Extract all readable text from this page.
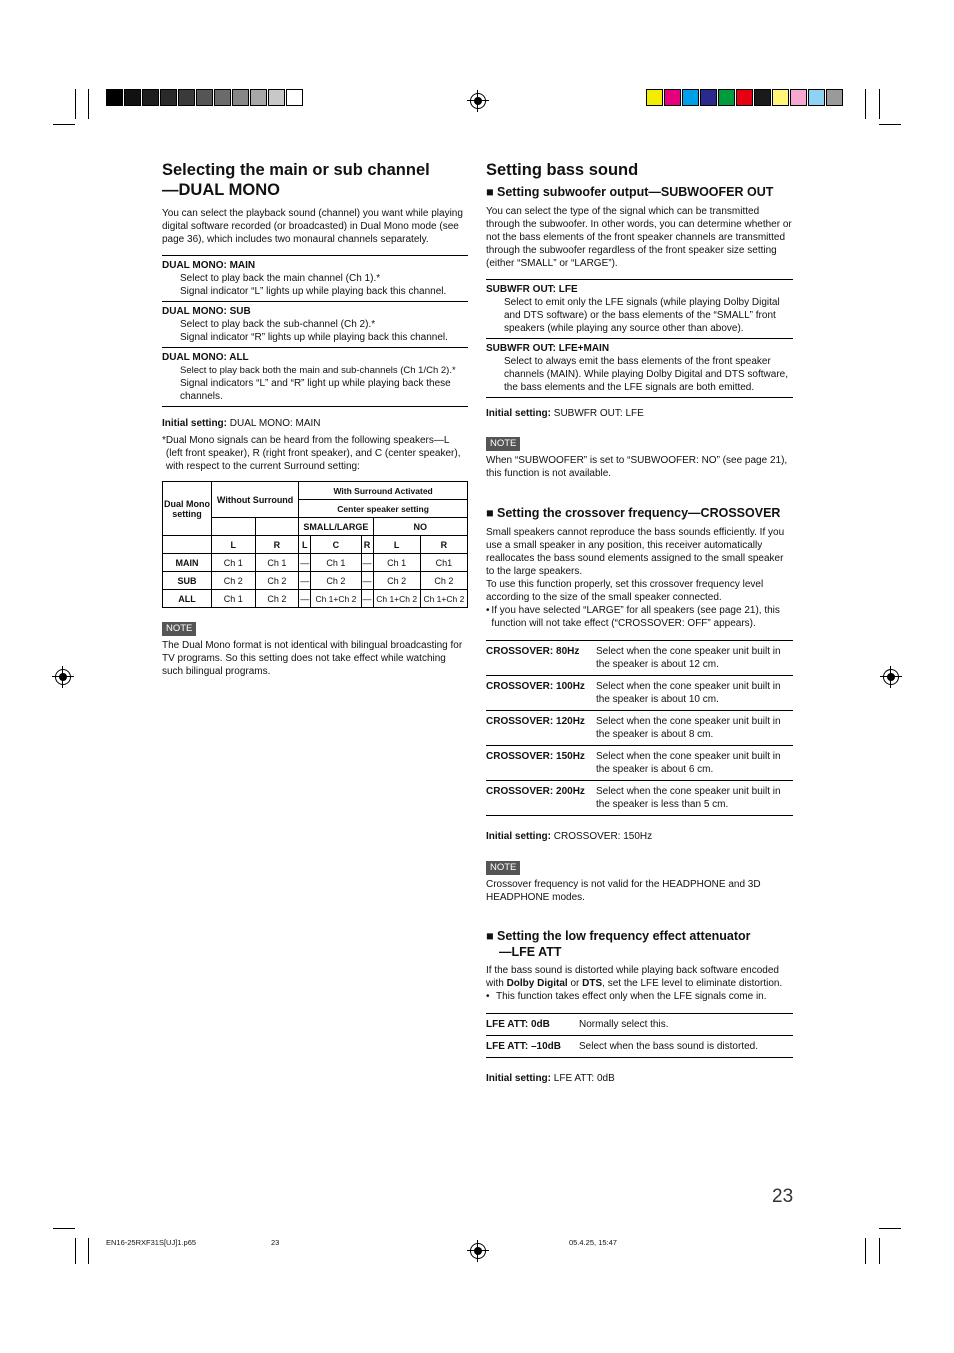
Selecting the main or sub channel
—DUAL MONO

You can select the playback sound (channel) you want while playing digital software recorded (or broadcasted) in Dual Mono mode (see page 36), which includes two monaural channels separately.

DUAL MONO: MAIN
Select to play back the main channel (Ch 1).*
Signal indicator “L” lights up while playing back this channel.
DUAL MONO: SUB
Select to play back the sub-channel (Ch 2).*
Signal indicator “R” lights up while playing back this channel.
DUAL MONO: ALL
Select to play back both the main and sub-channels (Ch 1/Ch 2).*
Signal indicators “L” and “R” light up while playing back these channels.

Initial setting: DUAL MONO: MAIN

* Dual Mono signals can be heard from the following speakers—L (left front speaker), R (right front speaker), and C (center speaker), with respect to the current Surround setting:

Dual Mono setting	Without Surround		With Surround Activated				
			Center speaker setting				
			SMALL/LARGE			NO	
	L	R	L	C	R	L	R
MAIN	Ch 1	Ch 1	—	Ch 1	—	Ch 1	Ch1
SUB	Ch 2	Ch 2	—	Ch 2	—	Ch 2	Ch 2
ALL	Ch 1	Ch 2	—	Ch 1+Ch 2	—	Ch 1+Ch 2	Ch 1+Ch 2
NOTE

The Dual Mono format is not identical with bilingual broadcasting for TV programs. So this setting does not take effect while watching such bilingual programs.

Setting bass sound
■ Setting subwoofer output—SUBWOOFER OUT

You can select the type of the signal which can be transmitted through the subwoofer. In other words, you can determine whether or not the bass elements of the front speaker channels are transmitted through the subwoofer regardless of the front speaker size setting (either “SMALL” or “LARGE”).

SUBWFR OUT: LFE
Select to emit only the LFE signals (while playing Dolby Digital and DTS software) or the bass elements of the “SMALL” front speakers (while playing any source other than above).
SUBWFR OUT: LFE+MAIN
Select to always emit the bass elements of the front speaker channels (MAIN). While playing Dolby Digital and DTS software, the bass elements and the LFE signals are both emitted.

Initial setting: SUBWFR OUT: LFE

NOTE

When “SUBWOOFER” is set to “SUBWOOFER: NO” (see page 21), this function is not available.

■ Setting the crossover frequency—CROSSOVER

Small speakers cannot reproduce the bass sounds efficiently. If you use a small speaker in any position, this receiver automatically reallocates the bass sound elements assigned to the small speaker to the large speakers.

To use this function properly, set this crossover frequency level according to the size of the small speaker connected.

• If you have selected “LARGE” for all speakers (see page 21), this function will not take effect (“CROSSOVER: OFF” appears).

CROSSOVER: 80Hz	Select when the cone speaker unit built in the speaker is about 12 cm.
CROSSOVER: 100Hz	Select when the cone speaker unit built in the speaker is about 10 cm.
CROSSOVER: 120Hz	Select when the cone speaker unit built in the speaker is about 8 cm.
CROSSOVER: 150Hz	Select when the cone speaker unit built in the speaker is about 6 cm.
CROSSOVER: 200Hz	Select when the cone speaker unit built in the speaker is less than 5 cm.

Initial setting: CROSSOVER: 150Hz

NOTE

Crossover frequency is not valid for the HEADPHONE and 3D HEADPHONE modes.

■ Setting the low frequency effect attenuator
—LFE ATT

If the bass sound is distorted while playing back software encoded with Dolby Digital or DTS, set the LFE level to eliminate distortion.

• This function takes effect only when the LFE signals come in.

LFE ATT: 0dB	Normally select this.
LFE ATT: –10dB	Select when the bass sound is distorted.

Initial setting: LFE ATT: 0dB

23
EN16-25RXF31S[UJ]1.p65	23	05.4.25, 15:47
